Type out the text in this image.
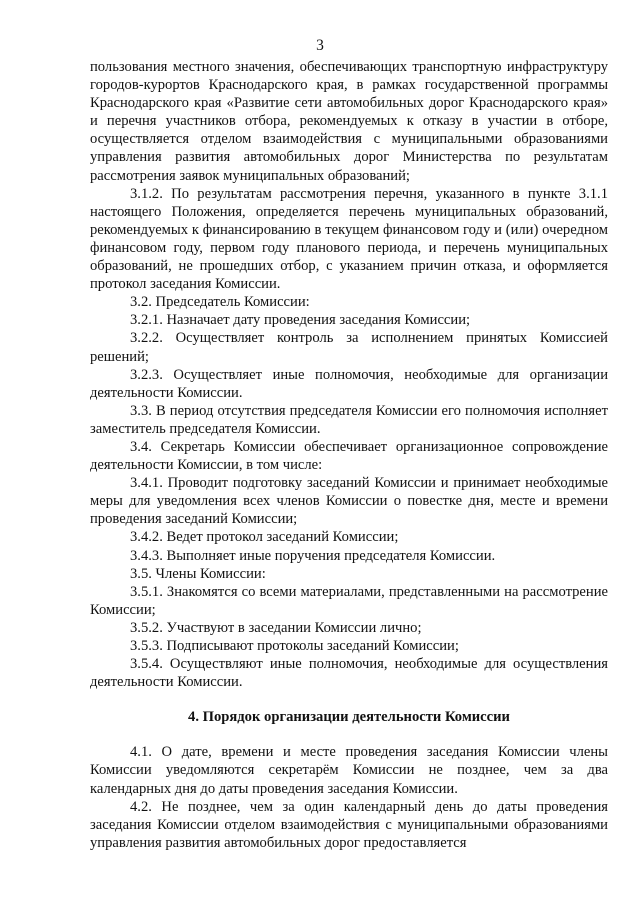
3

пользования местного значения, обеспечивающих транспортную инфраструктуру городов-курортов Краснодарского края, в рамках государственной программы Краснодарского края «Развитие сети автомобильных дорог Краснодарского края» и перечня участников отбора, рекомендуемых к отказу в участии в отборе, осуществляется отделом взаимодействия с муниципальными образованиями управления развития автомобильных дорог Министерства по результатам рассмотрения заявок муниципальных образований;

3.1.2. По результатам рассмотрения перечня, указанного в пункте 3.1.1 настоящего Положения, определяется перечень муниципальных образований, рекомендуемых к финансированию в текущем финансовом году и (или) очередном финансовом году, первом году планового периода, и перечень муниципальных образований, не прошедших отбор, с указанием причин отказа, и оформляется протокол заседания Комиссии.

3.2. Председатель Комиссии:

3.2.1. Назначает дату проведения заседания Комиссии;

3.2.2. Осуществляет контроль за исполнением принятых Комиссией решений;

3.2.3. Осуществляет иные полномочия, необходимые для организации деятельности Комиссии.

3.3. В период отсутствия председателя Комиссии его полномочия исполняет заместитель председателя Комиссии.

3.4. Секретарь Комиссии обеспечивает организационное сопровождение деятельности Комиссии, в том числе:

3.4.1. Проводит подготовку заседаний Комиссии и принимает необходимые меры для уведомления всех членов Комиссии о повестке дня, месте и времени проведения заседаний Комиссии;

3.4.2. Ведет протокол заседаний Комиссии;

3.4.3. Выполняет иные поручения председателя Комиссии.

3.5. Члены Комиссии:

3.5.1. Знакомятся со всеми материалами, представленными на рассмотрение Комиссии;

3.5.2. Участвуют в заседании Комиссии лично;

3.5.3. Подписывают протоколы заседаний Комиссии;

3.5.4. Осуществляют иные полномочия, необходимые для осуществления деятельности Комиссии.

4. Порядок организации деятельности Комиссии

4.1. О дате, времени и месте проведения заседания Комиссии члены Комиссии уведомляются секретарём Комиссии не позднее, чем за два календарных дня до даты проведения заседания Комиссии.

4.2. Не позднее, чем за один календарный день до даты проведения заседания Комиссии отделом взаимодействия с муниципальными образованиями управления развития автомобильных дорог предоставляется
